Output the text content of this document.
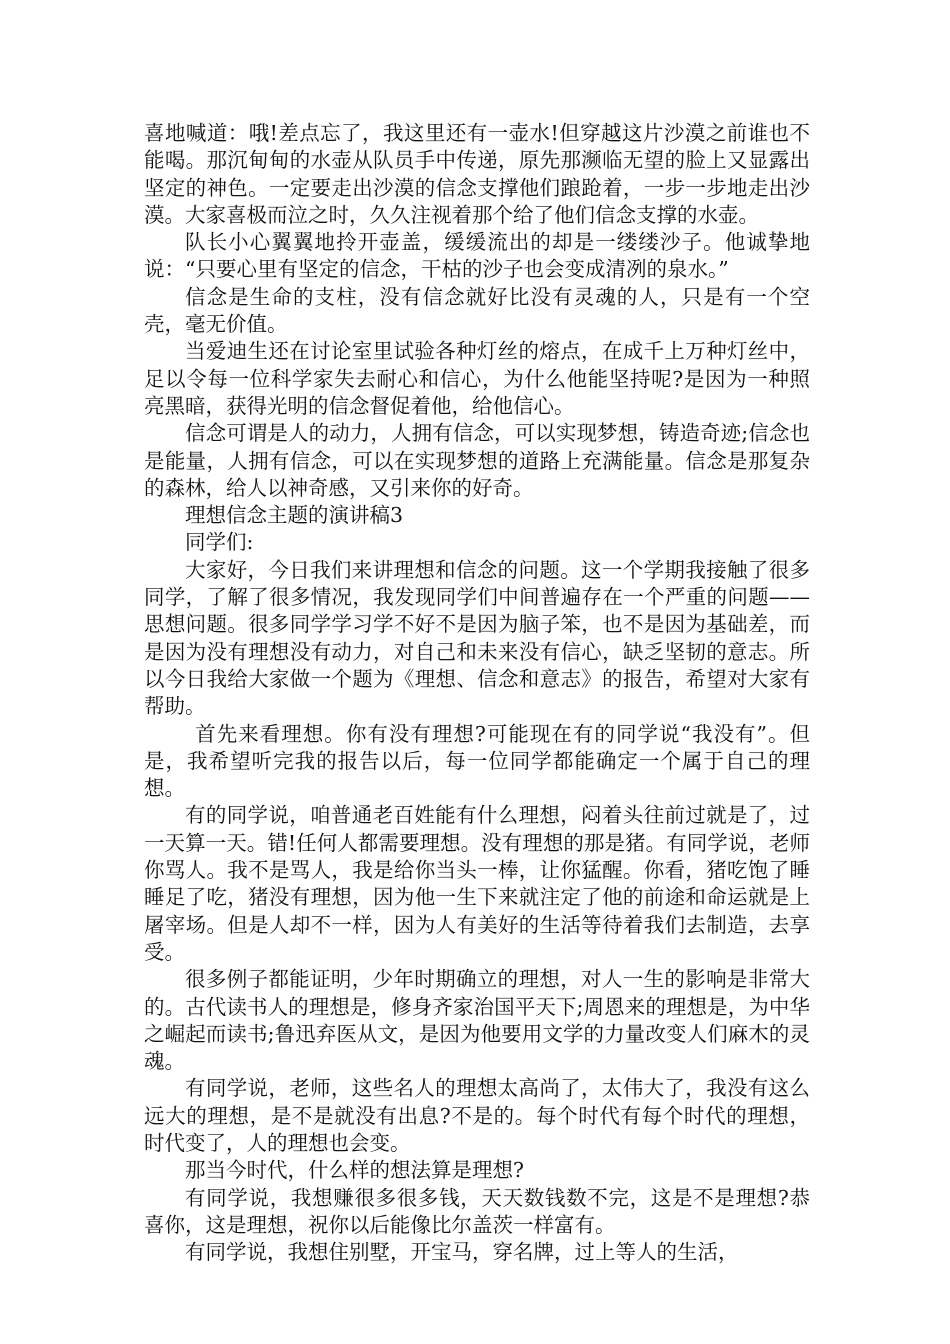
喜地喊道：哦!差点忘了，我这里还有一壶水!但穿越这片沙漠之前谁也不能喝。那沉甸甸的水壶从队员手中传递，原先那濒临无望的脸上又显露出坚定的神色。一定要走出沙漠的信念支撑他们踉跄着，一步一步地走出沙漠。大家喜极而泣之时，久久注视着那个给了他们信念支撑的水壶。

队长小心翼翼地拎开壶盖，缓缓流出的却是一缕缕沙子。他诚挚地说：“只要心里有坚定的信念，干枯的沙子也会变成清冽的泉水。”

信念是生命的支柱，没有信念就好比没有灵魂的人，只是有一个空壳，毫无价值。

当爱迪生还在讨论室里试验各种灯丝的熔点，在成千上万种灯丝中，足以令每一位科学家失去耐心和信心，为什么他能坚持呢?是因为一种照亮黑暗，获得光明的信念督促着他，给他信心。

信念可谓是人的动力，人拥有信念，可以实现梦想，铸造奇迹;信念也是能量，人拥有信念，可以在实现梦想的道路上充满能量。信念是那复杂的森林，给人以神奇感，又引来你的好奇。

理想信念主题的演讲稿3

同学们:

大家好，今日我们来讲理想和信念的问题。这一个学期我接触了很多同学，了解了很多情况，我发现同学们中间普遍存在一个严重的问题——思想问题。很多同学学习学不好不是因为脑子笨，也不是因为基础差，而是因为没有理想没有动力，对自己和未来没有信心，缺乏坚韧的意志。所以今日我给大家做一个题为《理想、信念和意志》的报告，希望对大家有帮助。

首先来看理想。你有没有理想?可能现在有的同学说“我没有”。但是，我希望听完我的报告以后，每一位同学都能确定一个属于自己的理想。

有的同学说，咱普通老百姓能有什么理想，闷着头往前过就是了，过一天算一天。错!任何人都需要理想。没有理想的那是猪。有同学说，老师你骂人。我不是骂人，我是给你当头一棒，让你猛醒。你看，猪吃饱了睡睡足了吃，猪没有理想，因为他一生下来就注定了他的前途和命运就是上屠宰场。但是人却不一样，因为人有美好的生活等待着我们去制造，去享受。

很多例子都能证明，少年时期确立的理想，对人一生的影响是非常大的。古代读书人的理想是，修身齐家治国平天下;周恩来的理想是，为中华之崛起而读书;鲁迅弃医从文，是因为他要用文学的力量改变人们麻木的灵魂。

有同学说，老师，这些名人的理想太高尚了，太伟大了，我没有这么远大的理想，是不是就没有出息?不是的。每个时代有每个时代的理想，时代变了，人的理想也会变。

那当今时代，什么样的想法算是理想?

有同学说，我想赚很多很多钱，天天数钱数不完，这是不是理想?恭喜你，这是理想，祝你以后能像比尔盖茨一样富有。

有同学说，我想住别墅，开宝马，穿名牌，过上等人的生活，
